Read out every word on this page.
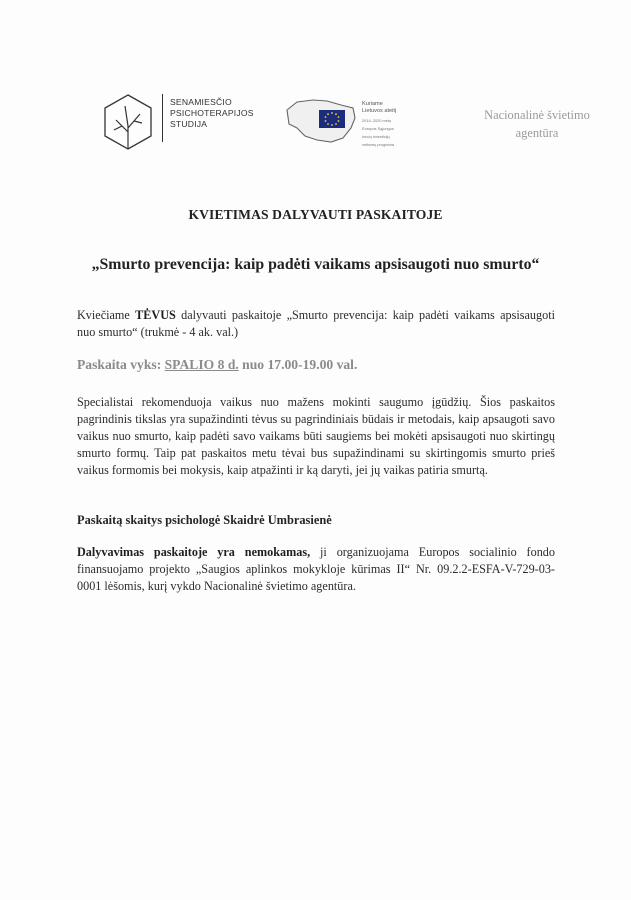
SENAMIESČIO
PSICHOTERAPIJOS
STUDIJA
Kuriame
Lietuvos ateitį
2014–2020 metų
Europos Sąjungos
fondų investicijų
veiksmų programa
Nacionalinė švietimo
agentūra
KVIETIMAS DALYVAUTI PASKAITOJE
„Smurto prevencija: kaip padėti vaikams apsisaugoti nuo smurto“
Kviečiame TĖVUS dalyvauti paskaitoje „Smurto prevencija: kaip padėti vaikams apsisaugoti nuo smurto“ (trukmė - 4 ak. val.)
Paskaita vyks: SPALIO 8 d. nuo 17.00-19.00 val.
Specialistai rekomenduoja vaikus nuo mažens mokinti saugumo įgūdžių. Šios paskaitos pagrindinis tikslas yra supažindinti tėvus su pagrindiniais būdais ir metodais, kaip apsaugoti savo vaikus nuo smurto, kaip padėti savo vaikams būti saugiems bei mokėti apsisaugoti nuo skirtingų smurto formų. Taip pat paskaitos metu tėvai bus supažindinami su skirtingomis smurto prieš vaikus formomis bei mokysis, kaip atpažinti ir ką daryti, jei jų vaikas patiria smurtą.
Paskaitą skaitys psichologė Skaidrė Umbrasienė
Dalyvavimas paskaitoje yra nemokamas, ji organizuojama Europos socialinio fondo finansuojamo projekto „Saugios aplinkos mokykloje kūrimas II“ Nr. 09.2.2-ESFA-V-729-03-0001 lėšomis, kurį vykdo Nacionalinė švietimo agentūra.
